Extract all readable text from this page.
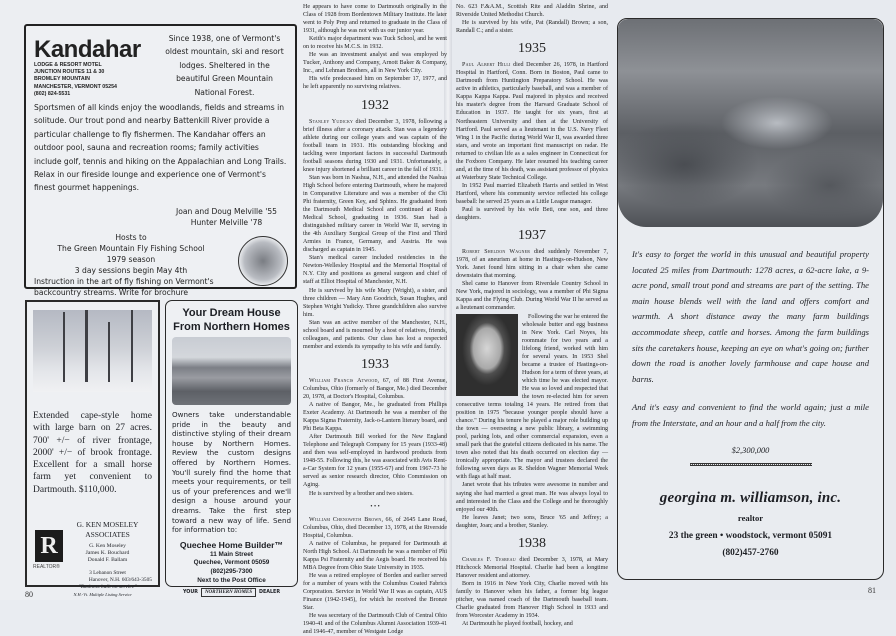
Kandahar
LODGE & RESORT MOTEL
JUNCTION ROUTES 11 & 30
BROMLEY MOUNTAIN
MANCHESTER, VERMONT 05254
(802) 824-5531
Since 1938, one of Vermont's oldest mountain, ski and resort lodges. Sheltered in the beautiful Green Mountain National Forest.
Sportsmen of all kinds enjoy the woodlands, fields and streams in solitude. Our trout pond and nearby Battenkill River provide a particular challenge to fly fishermen. The Kandahar offers an outdoor pool, sauna and recreation rooms; family activities include golf, tennis and hiking on the Appalachian and Long Trails. Relax in our fireside lounge and experience one of Vermont's finest gourmet happenings.
Joan and Doug Melville '55
Hunter Melville '78
Hosts to
The Green Mountain Fly Fishing School
1979 season
3 day sessions begin May 4th
Instruction in the art of fly fishing on Vermont's backcountry streams. Write for brochure
Extended cape-style home with large barn on 27 acres. 700' +/− of river frontage, 2000' +/− of brook frontage. Excellent for a small horse farm yet convenient to Dartmouth. $110,000.
G. KEN MOSELEY ASSOCIATES
G. Ken Moseley
James K. Bouchard
Donald F. Ballam
3 Lebanon Street
Hanover, N.H. 603/643-3505
"Business built on service"
N.H.-Vt. Multiple Listing Service
R
REALTOR®
Your Dream House From Northern Homes
Owners take understandable pride in the beauty and distinctive styling of their dream house by Northern Homes. Review the custom designs offered by Northern Homes. You'll surely find the home that meets your requirements, or tell us of your preferences and we'll design a house around your dreams. Take the first step toward a new way of life. Send for information to:
Quechee Home Builder™
11 Main Street
Quechee, Vermont 05059
(802)295-7300
Next to the Post Office
YOUR	NORTHERN HOMES	DEALER
80

He appears to have come to Dartmouth originally in the Class of 1928 from Bordentown Military Institute. He later went to Poly Prep and returned to graduate in the Class of 1931, although he was not with us our junior year.

Keith's major department was Tuck School, and he went on to receive his M.C.S. in 1932.

He was an investment analyst and was employed by Tucker, Anthony and Company, Arnott Baker & Company, Inc., and Lehman Brothers, all in New York City.

His wife predeceased him on September 17, 1977, and he left apparently no surviving relatives.

1932

Stanley Yudicky died December 3, 1978, following a brief illness after a coronary attack. Stan was a legendary athlete during our college years and was captain of the football team in 1931. His outstanding blocking and tackling were important factors in successful Dartmouth football seasons during 1930 and 1931. Unfortunately, a knee injury shortened a brilliant career in the fall of 1931.

Stan was born in Nashua, N.H., and attended the Nashua High School before entering Dartmouth, where he majored in Comparative Literature and was a member of the Chi Phi fraternity, Green Key, and Sphinx. He graduated from the Dartmouth Medical School and continued at Rush Medical School, graduating in 1936. Stan had a distinguished military career in World War II, serving in the 4th Auxiliary Surgical Group of the First and Third Armies in France, Germany, and Austria. He was discharged as captain in 1945.

Stan's medical career included residencies in the Newton-Wellesley Hospital and the Memorial Hospital of N.Y. City and positions as general surgeon and chief of staff at Elliot Hospital of Manchester, N.H.

He is survived by his wife Mary (Wright), a sister, and three children — Mary Ann Goodrich, Susan Hughes, and Stephen Wright Yudicky. Three grandchildren also survive him.

Stan was an active member of the Manchester, N.H., school board and is mourned by a host of relatives, friends, colleagues, and patients. Our class has lost a respected member and extends its sympathy to his wife and family.

1933

William Francis Atwood, 67, of 88 First Avenue, Columbus, Ohio (formerly of Bangor, Me.) died December 20, 1978, at Doctor's Hospital, Columbus.

A native of Bangor, Me., he graduated from Phillips Exeter Academy. At Dartmouth he was a member of the Kappa Sigma Fraternity, Jack-o-Lantern literary board, and Phi Beta Kappa.

After Dartmouth Bill worked for the New England Telephone and Telegraph Company for 15 years (1933-48) and then was self-employed in hardwood products from 1948-55. Following this, he was associated with Avis Rent-a-Car System for 12 years (1955-67) and from 1967-73 he served as senior research director, Ohio Commission on Aging.

He is survived by a brother and two sisters.

• • •

William Chenoweth Brown, 66, of 2645 Lane Road, Columbus, Ohio, died December 13, 1978, at the Riverside Hospital, Columbus.

A native of Columbus, he prepared for Dartmouth at North High School. At Dartmouth he was a member of Phi Kappa Psi Fraternity and the Aegis board. He received his MBA Degree from Ohio State University in 1935.

He was a retired employee of Borden and earlier served for a number of years with the Columbus Coated Fabrics Corporation. Service in World War II was as captain, AUS Finance (1942-1945), for which he received the Bronze Star.

He was secretary of the Dartmouth Club of Central Ohio 1940-41 and of the Columbus Alumni Association 1939-41 and 1946-47, member of Westgate Lodge

No. 623 F.&A.M., Scottish Rite and Aladdin Shrine, and Riverside United Methodist Church.

He is survived by his wife, Pat (Randall) Brown; a son, Randall C.; and a sister.

1935

Paul Albert Hilli died December 26, 1978, in Hartford Hospital in Hartford, Conn. Born in Boston, Paul came to Dartmouth from Huntington Preparatory School. He was active in athletics, particularly baseball, and was a member of Kappa Kappa Kappa. Paul majored in physics and received his master's degree from the Harvard Graduate School of Education in 1937. He taught for six years, first at Northeastern University and then at the University of Hartford. Paul served as a lieutenant in the U.S. Navy Fleet Wing 1 in the Pacific during World War II, was awarded three stars, and wrote an important first manuscript on radar. He returned to civilian life as a sales engineer in Connecticut for the Foxboro Company. He later resumed his teaching career and, at the time of his death, was assistant professor of physics at Waterbury State Technical College.

In 1952 Paul married Elizabeth Harris and settled in West Hartford, where his community service reflected his college baseball: he served 25 years as a Little League manager.

Paul is survived by his wife Beti, one son, and three daughters.

1937

Robert Sheldon Wagner died suddenly November 7, 1978, of an aneurism at home in Hastings-on-Hudson, New York. Janet found him sitting in a chair when she came downstairs that morning.

Shel came to Hanover from Riverdale Country School in New York, majored in sociology, was a member of Phi Sigma Kappa and the Flying Club. During World War II he served as a lieutenant commander.

Following the war he entered the wholesale butter and egg business in New York. Carl Noyes, his roommate for two years and a lifelong friend, worked with him for several years. In 1953 Shel became a trustee of Hastings-on-Hudson for a term of three years, at which time he was elected mayor. He was so loved and respected that the town re-elected him for seven consecutive terms totaling 14 years. He retired from that position in 1975 "because younger people should have a chance." During his tenure he played a major role building up the town — overseeing a new public library, a swimming pool, parking lots, and other commercial expansion, even a small park that the grateful citizens dedicated in his name. The town also noted that his death occurred on election day — ironically appropriate. The mayor and trustees declared the following seven days as R. Sheldon Wagner Memorial Week with flags at half mast.

Janet wrote that his tributes were awesome in number and saying she had married a great man. He was always loyal to and interested in the Class and the College and he thoroughly enjoyed our 40th.

He leaves Janet; two sons, Bruce '65 and Jeffrey; a daughter, Joan; and a brother, Stanley.

1938

Charles F. Tesreau died December 3, 1978, at Mary Hitchcock Memorial Hospital. Charlie had been a longtime Hanover resident and attorney.

Born in 1916 in New York City, Charlie moved with his family to Hanover when his father, a former big league pitcher, was named coach of the Dartmouth baseball team. Charlie graduated from Hanover High School in 1933 and from Worcester Academy in 1934.

At Dartmouth he played football, hockey, and

It's easy to forget the world in this unusual and beautiful property located 25 miles from Dartmouth: 1278 acres, a 62-acre lake, a 9-acre pond, small trout pond and streams are part of the setting. The main house blends well with the land and offers comfort and warmth. A short distance away the many farm buildings accommodate sheep, cattle and horses. Among the farm buildings sits the caretakers house, keeping an eye on what's going on; further down the road is another lovely farmhouse and cape house and barns.

And it's easy and convenient to find the world again; just a mile from the Interstate, and an hour and a half from the city.

$2,300,000
georgina m. williamson, inc.
realtor
23 the green • woodstock, vermont 05091
(802)457-2760
81
